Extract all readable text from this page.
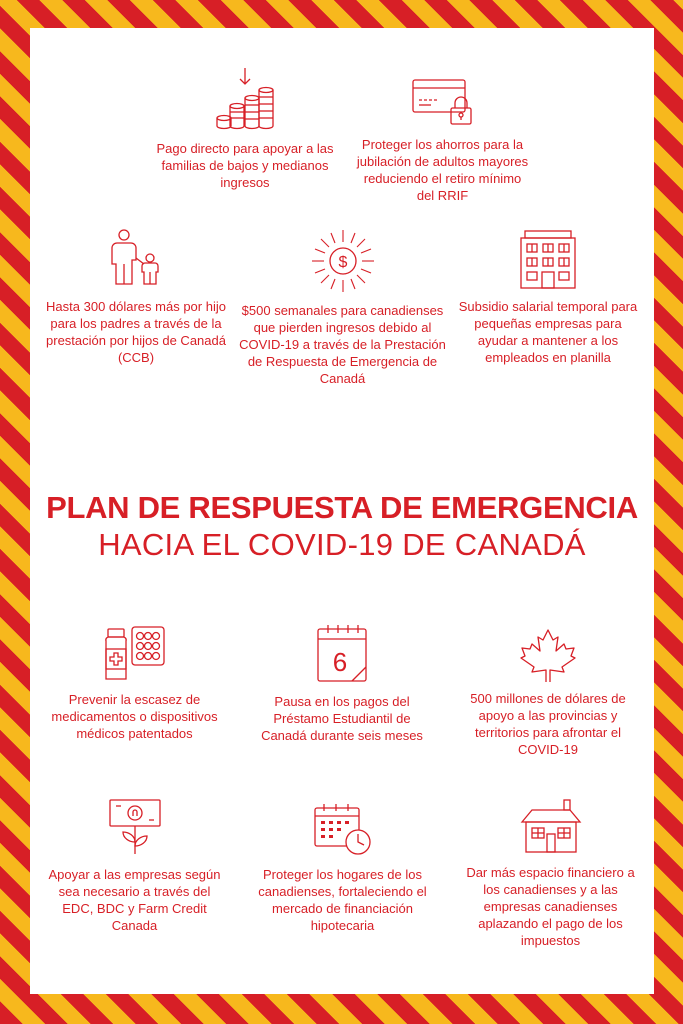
Pago directo para apoyar a las familias de bajos y medianos ingresos
Proteger los ahorros para la jubilación de adultos mayores reduciendo el retiro mínimo del RRIF
Hasta 300 dólares más por hijo para los padres a través de la prestación por hijos de Canadá (CCB)
$
$500 semanales para canadienses que pierden ingresos debido al COVID-19 a través de la Prestación de Respuesta de Emergencia de Canadá
Subsidio salarial temporal para pequeñas empresas para ayudar a mantener a los empleados en planilla
PLAN DE RESPUESTA DE EMERGENCIA
HACIA EL COVID-19 DE CANADÁ
Prevenir la escasez de medicamentos o dispositivos médicos patentados
6
Pausa en los pagos del Préstamo Estudiantil de Canadá durante seis meses
500 millones de dólares de apoyo a las provincias y territorios para afrontar el COVID-19
Apoyar a las empresas según sea necesario a través del EDC, BDC y Farm Credit Canada
Proteger los hogares de los canadienses, fortaleciendo el mercado de financiación hipotecaria
Dar más espacio financiero a los canadienses y a las empresas canadienses aplazando el pago de los impuestos
